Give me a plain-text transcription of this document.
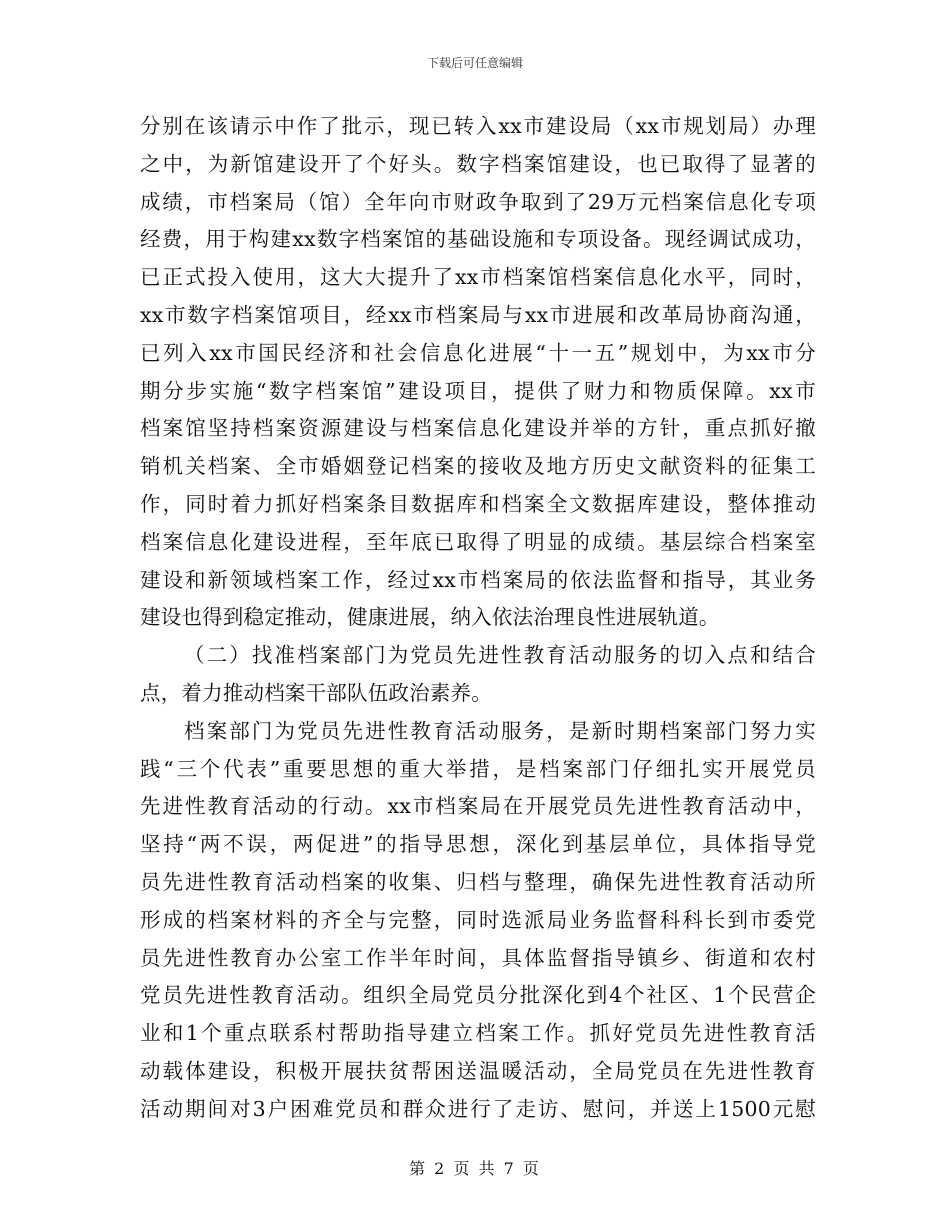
下载后可任意编辑
分别在该请示中作了批示，现已转入xx市建设局（xx市规划局）办理
之中，为新馆建设开了个好头。数字档案馆建设，也已取得了显著的
成绩，市档案局（馆）全年向市财政争取到了29万元档案信息化专项
经费，用于构建xx数字档案馆的基础设施和专项设备。现经调试成功，
已正式投入使用，这大大提升了xx市档案馆档案信息化水平，同时，
xx市数字档案馆项目，经xx市档案局与xx市进展和改革局协商沟通，
已列入xx市国民经济和社会信息化进展“十一五”规划中，为xx市分
期分步实施“数字档案馆”建设项目，提供了财力和物质保障。xx市
档案馆坚持档案资源建设与档案信息化建设并举的方针，重点抓好撤
销机关档案、全市婚姻登记档案的接收及地方历史文献资料的征集工
作，同时着力抓好档案条目数据库和档案全文数据库建设，整体推动
档案信息化建设进程，至年底已取得了明显的成绩。基层综合档案室
建设和新领域档案工作，经过xx市档案局的依法监督和指导，其业务
建设也得到稳定推动，健康进展，纳入依法治理良性进展轨道。
（二）找准档案部门为党员先进性教育活动服务的切入点和结合
点，着力推动档案干部队伍政治素养。
档案部门为党员先进性教育活动服务，是新时期档案部门努力实
践“三个代表”重要思想的重大举措，是档案部门仔细扎实开展党员
先进性教育活动的行动。xx市档案局在开展党员先进性教育活动中，
坚持“两不误，两促进”的指导思想，深化到基层单位，具体指导党
员先进性教育活动档案的收集、归档与整理，确保先进性教育活动所
形成的档案材料的齐全与完整，同时选派局业务监督科科长到市委党
员先进性教育办公室工作半年时间，具体监督指导镇乡、街道和农村
党员先进性教育活动。组织全局党员分批深化到4个社区、1个民营企
业和1个重点联系村帮助指导建立档案工作。抓好党员先进性教育活
动载体建设，积极开展扶贫帮困送温暖活动，全局党员在先进性教育
活动期间对3户困难党员和群众进行了走访、慰问，并送上1500元慰
第 2 页 共 7 页
